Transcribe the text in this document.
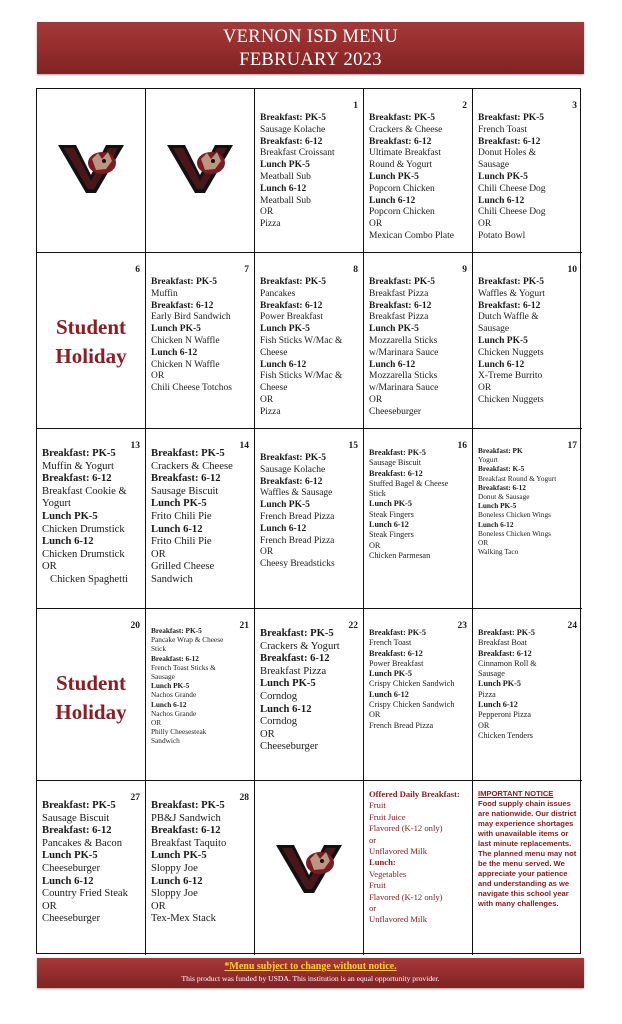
VERNON ISD MENU
FEBRUARY 2023
1
Breakfast: PK-5
Sausage Kolache
Breakfast: 6-12
Breakfast Croissant
Lunch PK-5
Meatball Sub
Lunch 6-12
Meatball Sub
OR
Pizza
2
Breakfast: PK-5
Crackers & Cheese
Breakfast: 6-12
Ultimate Breakfast
Round & Yogurt
Lunch PK-5
Popcorn Chicken
Lunch 6-12
Popcorn Chicken
OR
Mexican Combo Plate
3
Breakfast: PK-5
French Toast
Breakfast: 6-12
Donut Holes &
Sausage
Lunch PK-5
Chili Cheese Dog
Lunch 6-12
Chili Cheese Dog
OR
Potato Bowl
6
Student
Holiday
7
Breakfast: PK-5
Muffin
Breakfast: 6-12
Early Bird Sandwich
Lunch PK-5
Chicken N Waffle
Lunch 6-12
Chicken N Waffle
OR
Chili Cheese Totchos
8
Breakfast: PK-5
Pancakes
Breakfast: 6-12
Power Breakfast
Lunch PK-5
Fish Sticks W/Mac &
Cheese
Lunch 6-12
Fish Sticks W/Mac &
Cheese
OR
Pizza
9
Breakfast: PK-5
Breakfast Pizza
Breakfast: 6-12
Breakfast Pizza
Lunch PK-5
Mozzarella Sticks
w/Marinara Sauce
Lunch 6-12
Mozzarella Sticks
w/Marinara Sauce
OR
Cheeseburger
10
Breakfast: PK-5
Waffles & Yogurt
Breakfast: 6-12
Dutch Waffle &
Sausage
Lunch PK-5
Chicken Nuggets
Lunch 6-12
X-Treme Burrito
OR
Chicken Nuggets
13
Breakfast: PK-5
Muffin & Yogurt
Breakfast: 6-12
Breakfast Cookie &
Yogurt
Lunch PK-5
Chicken Drumstick
Lunch 6-12
Chicken Drumstick
OR
Chicken Spaghetti
14
Breakfast: PK-5
Crackers & Cheese
Breakfast: 6-12
Sausage Biscuit
Lunch PK-5
Frito Chili Pie
Lunch 6-12
Frito Chili Pie
OR
Grilled Cheese
Sandwich
15
Breakfast: PK-5
Sausage Kolache
Breakfast: 6-12
Waffles & Sausage
Lunch PK-5
French Bread Pizza
Lunch 6-12
French Bread Pizza
OR
Cheesy Breadsticks
16
Breakfast: PK-5
Sausage Biscuit
Breakfast: 6-12
Stuffed Bagel & Cheese
Stick
Lunch PK-5
Steak Fingers
Lunch 6-12
Steak Fingers
OR
Chicken Parmesan
17
Breakfast: PK
Yogurt
Breakfast: K-5
Breakfast Round & Yogurt
Breakfast: 6-12
Donut & Sausage
Lunch PK-5
Boneless Chicken Wings
Lunch 6-12
Boneless Chicken Wings
OR
Walking Taco
20
Student
Holiday
21
Breakfast: PK-5
Pancake Wrap & Cheese
Stick
Breakfast: 6-12
French Toast Sticks &
Sausage
Lunch PK-5
Nachos Grande
Lunch 6-12
Nachos Grande
OR
Philly Cheesesteak
Sandwich
22
Breakfast: PK-5
Crackers & Yogurt
Breakfast: 6-12
Breakfast Pizza
Lunch PK-5
Corndog
Lunch 6-12
Corndog
OR
Cheeseburger
23
Breakfast: PK-5
French Toast
Breakfast: 6-12
Power Breakfast
Lunch PK-5
Crispy Chicken Sandwich
Lunch 6-12
Crispy Chicken Sandwich
OR
French Bread Pizza
24
Breakfast: PK-5
Breakfast Boat
Breakfast: 6-12
Cinnamon Roll &
Sausage
Lunch PK-5
Pizza
Lunch 6-12
Pepperoni Pizza
OR
Chicken Tenders
27
Breakfast: PK-5
Sausage Biscuit
Breakfast: 6-12
Pancakes & Bacon
Lunch PK-5
Cheeseburger
Lunch 6-12
Country Fried Steak
OR
Cheeseburger
28
Breakfast: PK-5
PB&J Sandwich
Breakfast: 6-12
Breakfast Taquito
Lunch PK-5
Sloppy Joe
Lunch 6-12
Sloppy Joe
OR
Tex-Mex Stack
Offered Daily Breakfast:
Fruit
Fruit Juice
Flavored (K-12 only)
or
Unflavored Milk
Lunch:
Vegetables
Fruit
Flavored (K-12 only)
or
Unflavored Milk
IMPORTANT NOTICE
Food supply chain issues are nationwide. Our district may experience shortages with unavailable items or last minute replacements. The planned menu may not be the menu served. We appreciate your patience and understanding as we navigate this school year with many challenges.
*Menu subject to change without notice.
This product was funded by USDA. This institution is an equal opportunity provider.
